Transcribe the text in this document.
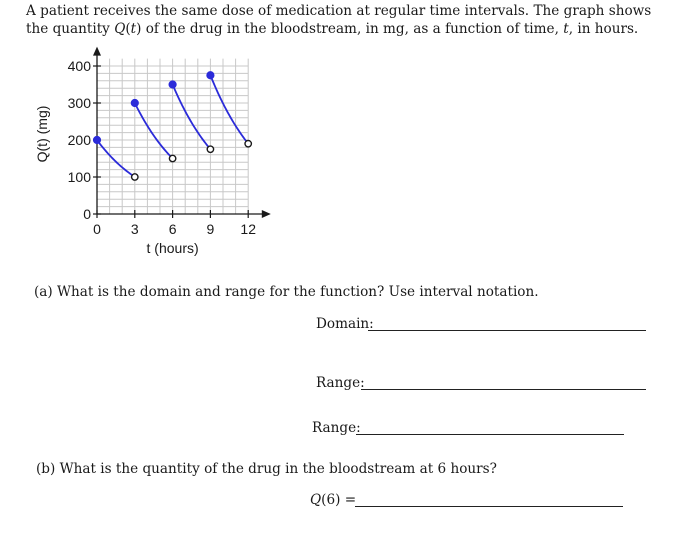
A patient receives the same dose of medication at regular time intervals. The graph shows

the quantity Q(t) of the drug in the bloodstream, in mg, as a function of time, t, in hours.

0
100
200
300
400
0 3 6 9 12
t (hours)
Q(t) (mg)
(a) What is the domain and range for the function? Use interval notation.
Domain:
Range:
Range:
(b) What is the quantity of the drug in the bloodstream at 6 hours?
Q(6) =
